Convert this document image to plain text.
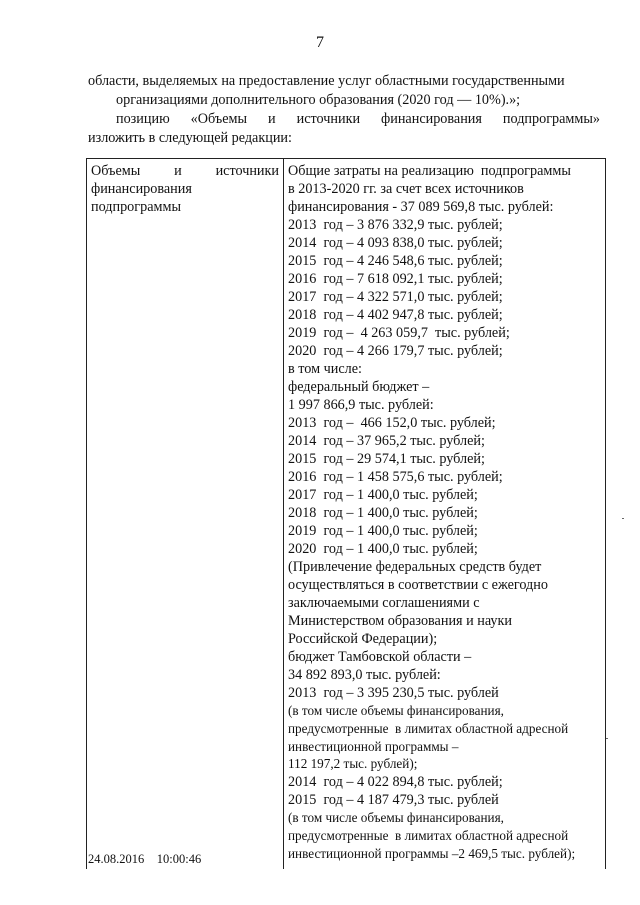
7
области, выделяемых на предоставление услуг областными государственными
организациями дополнительного образования (2020 год — 10%).»;
позицию «Объемы и источники финансирования подпрограммы»
изложить в следующей редакции:
Объемы и источники
финансирования
подпрограммы
Общие затраты на реализацию  подпрограммы
в 2013-2020 гг. за счет всех источников
финансирования - 37 089 569,8 тыс. рублей:
2013  год – 3 876 332,9 тыс. рублей;
2014  год – 4 093 838,0 тыс. рублей;
2015  год – 4 246 548,6 тыс. рублей;
2016  год – 7 618 092,1 тыс. рублей;
2017  год – 4 322 571,0 тыс. рублей;
2018  год – 4 402 947,8 тыс. рублей;
2019  год –  4 263 059,7  тыс. рублей;
2020  год – 4 266 179,7 тыс. рублей;
в том числе:
федеральный бюджет –
1 997 866,9 тыс. рублей:
2013  год –  466 152,0 тыс. рублей;
2014  год – 37 965,2 тыс. рублей;
2015  год – 29 574,1 тыс. рублей;
2016  год – 1 458 575,6 тыс. рублей;
2017  год – 1 400,0 тыс. рублей;
2018  год – 1 400,0 тыс. рублей;
2019  год – 1 400,0 тыс. рублей;
2020  год – 1 400,0 тыс. рублей;
(Привлечение федеральных средств будет
осуществляться в соответствии с ежегодно
заключаемыми соглашениями с
Министерством образования и науки
Российской Федерации);
бюджет Тамбовской области –
34 892 893,0 тыс. рублей:
2013  год – 3 395 230,5 тыс. рублей
(в том числе объемы финансирования,
предусмотренные  в лимитах областной адресной
инвестиционной программы –
112 197,2 тыс. рублей);
2014  год – 4 022 894,8 тыс. рублей;
2015  год – 4 187 479,3 тыс. рублей
(в том числе объемы финансирования,
предусмотренные  в лимитах областной адресной
инвестиционной программы –2 469,5 тыс. рублей);
24.08.2016 10:00:46
